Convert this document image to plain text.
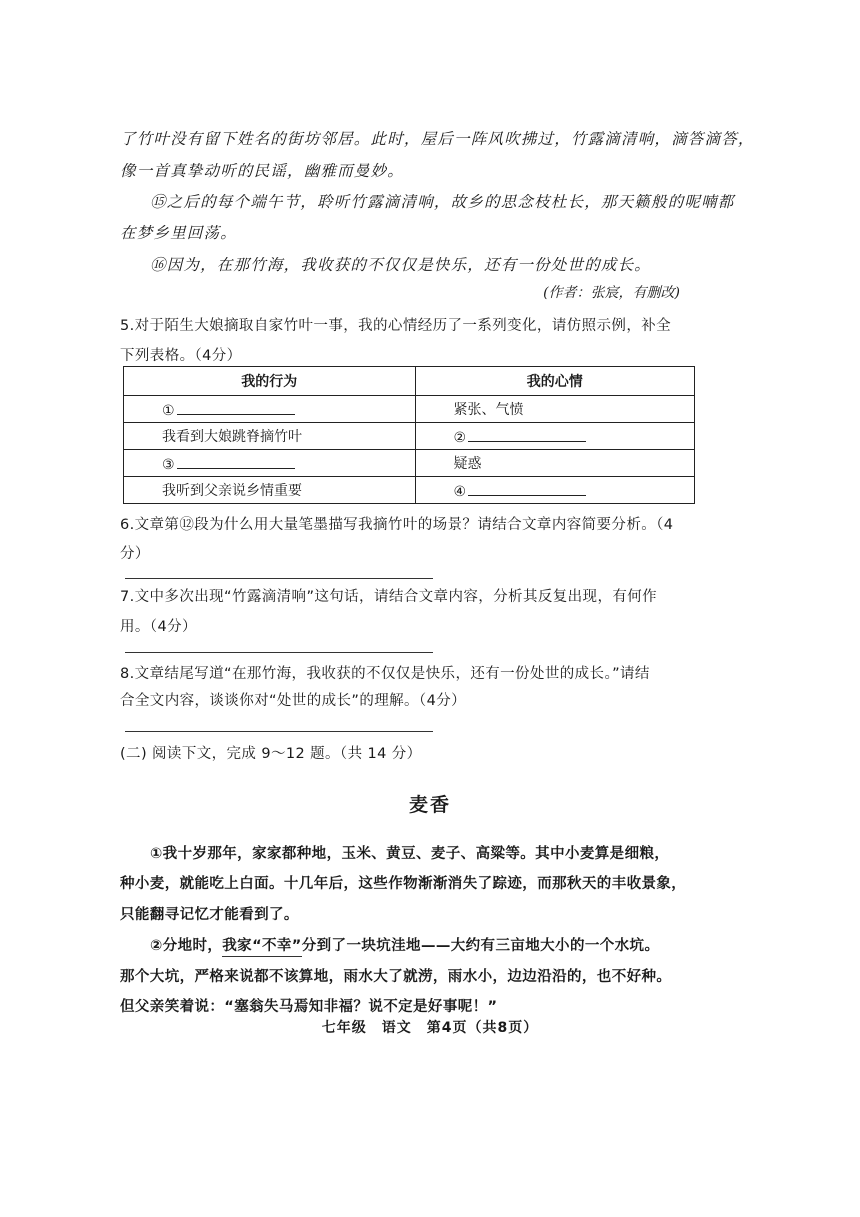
了竹叶没有留下姓名的街坊邻居。此时，屋后一阵风吹拂过，竹露滴清响，滴答滴答，
像一首真挚动听的民谣，幽雅而曼妙。
⑮之后的每个端午节，聆听竹露滴清响，故乡的思念枝杜长，那天籁般的呢喃都
在梦乡里回荡。
⑯因为，在那竹海，我收获的不仅仅是快乐，还有一份处世的成长。
(作者：张宸，有删改)
5.对于陌生大娘摘取自家竹叶一事，我的心情经历了一系列变化，请仿照示例，补全
下列表格。（4分）
我的行为	我的心情
①	紧张、气愤
我看到大娘跳脊摘竹叶	②
③	疑惑
我听到父亲说乡情重要	④
6.文章第⑫段为什么用大量笔墨描写我摘竹叶的场景？请结合文章内容简要分析。（4
分）
7.文中多次出现“竹露滴清响”这句话，请结合文章内容，分析其反复出现，有何作
用。（4分）
8.文章结尾写道“在那竹海，我收获的不仅仅是快乐，还有一份处世的成长。”请结
合全文内容，谈谈你对“处世的成长”的理解。（4分）
(二) 阅读下文，完成 9～12 题。（共 14 分）
麦香
①我十岁那年，家家都种地，玉米、黄豆、麦子、高粱等。其中小麦算是细粮，
种小麦，就能吃上白面。十几年后，这些作物渐渐消失了踪迹，而那秋天的丰收景象，
只能翻寻记忆才能看到了。
②分地时，我家“不幸”分到了一块坑洼地——大约有三亩地大小的一个水坑。
那个大坑，严格来说都不该算地，雨水大了就涝，雨水小，边边沿沿的，也不好种。
但父亲笑着说：“塞翁失马焉知非福？说不定是好事呢！”
七年级　语文　第4页（共8页）
